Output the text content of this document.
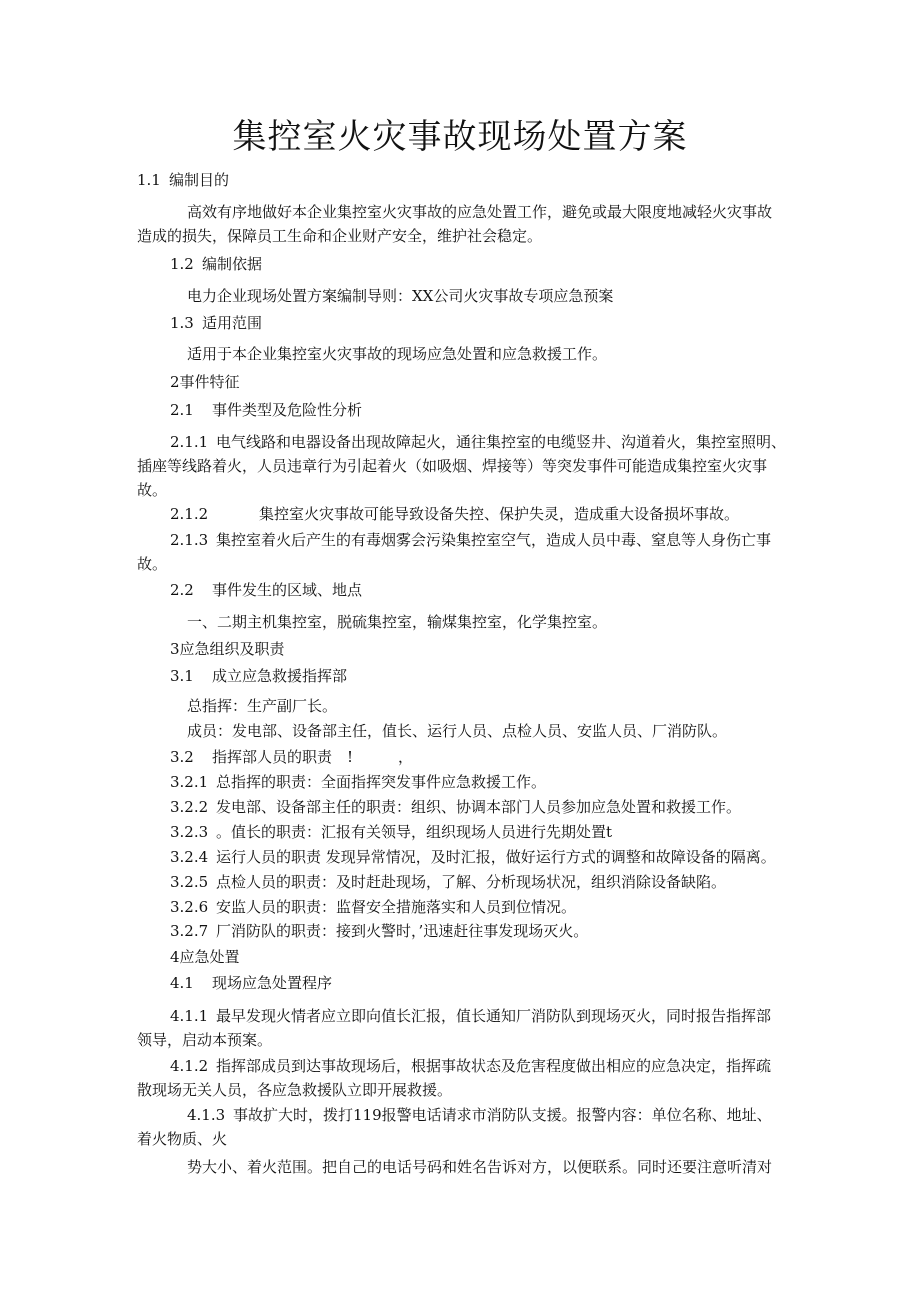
集控室火灾事故现场处置方案
1.1 编制目的
高效有序地做好本企业集控室火灾事故的应急处置工作，避免或最大限度地减轻火灾事故
造成的损失，保障员工生命和企业财产安全，维护社会稳定。
1.2 编制依据
电力企业现场处置方案编制导则：XX公司火灾事故专项应急预案
1.3 适用范围
适用于本企业集控室火灾事故的现场应急处置和应急救援工作。
2事件特征
2.1 事件类型及危险性分析
2.1.1 电气线路和电器设备出现故障起火，通往集控室的电缆竖井、沟道着火，集控室照明、
插座等线路着火，人员违章行为引起着火（如吸烟、焊接等）等突发事件可能造成集控室火灾事
故。
2.1.2	集控室火灾事故可能导致设备失控、保护失灵，造成重大设备损坏事故。
2.1.3 集控室着火后产生的有毒烟雾会污染集控室空气，造成人员中毒、窒息等人身伤亡事
故。
2.2 事件发生的区域、地点
一、二期主机集控室，脱硫集控室，输煤集控室，化学集控室。
3应急组织及职责
3.1 成立应急救援指挥部
总指挥：生产副厂长。
成员：发电部、设备部主任，值长、运行人员、点检人员、安监人员、厂消防队。
3.2 指挥部人员的职责　!　　　，
3.2.1 总指挥的职责：全面指挥突发事件应急救援工作。
3.2.2 发电部、设备部主任的职责：组织、协调本部门人员参加应急处置和救援工作。
3.2.3 。值长的职责：汇报有关领导，组织现场人员进行先期处置t
3.2.4 运行人员的职责 发现异常情况，及时汇报，做好运行方式的调整和故障设备的隔离。
3.2.5 点检人员的职责：及时赶赴现场，了解、分析现场状况，组织消除设备缺陷。
3.2.6 安监人员的职责：监督安全措施落实和人员到位情况。
3.2.7 厂消防队的职责：接到火警时，’迅速赶往事发现场灭火。
4应急处置
4.1 现场应急处置程序
4.1.1 最早发现火情者应立即向值长汇报，值长通知厂消防队到现场灭火，同时报告指挥部
领导，启动本预案。
4.1.2 指挥部成员到达事故现场后，根据事故状态及危害程度做出相应的应急决定，指挥疏
散现场无关人员，各应急救援队立即开展救援。
4.1.3 事故扩大时，拨打119报警电话请求市消防队支援。报警内容：单位名称、地址、
着火物质、火
势大小、着火范围。把自己的电话号码和姓名告诉对方，以便联系。同时还要注意听清对
